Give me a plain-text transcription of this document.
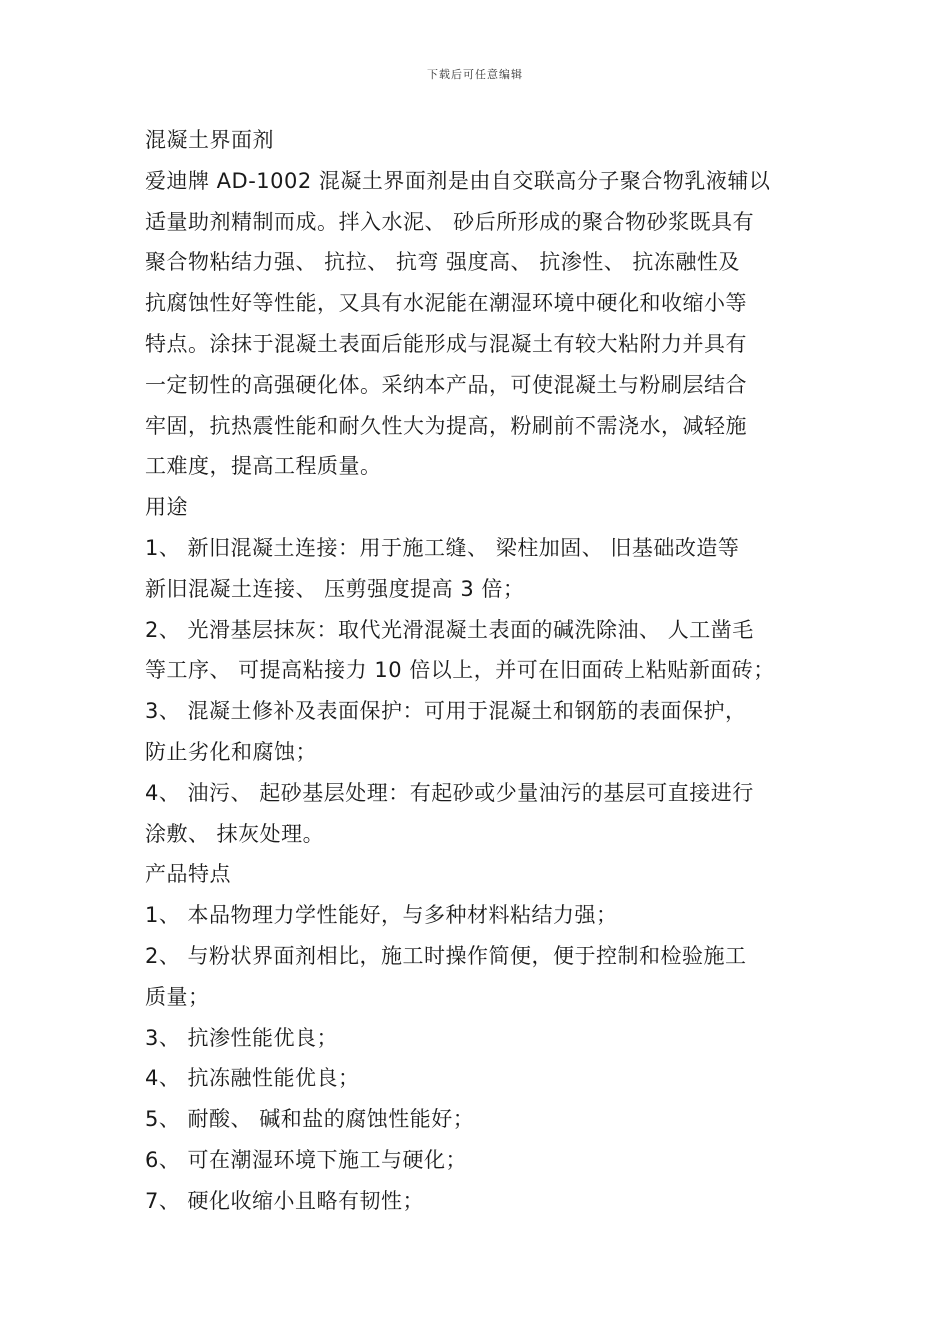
下载后可任意编辑
混凝土界面剂
爱迪牌 AD-1002 混凝土界面剂是由自交联高分子聚合物乳液辅以
适量助剂精制而成。拌入水泥、 砂后所形成的聚合物砂浆既具有
聚合物粘结力强、 抗拉、 抗弯 强度高、 抗渗性、 抗冻融性及
抗腐蚀性好等性能，又具有水泥能在潮湿环境中硬化和收缩小等
特点。涂抹于混凝土表面后能形成与混凝土有较大粘附力并具有
一定韧性的高强硬化体。采纳本产品，可使混凝土与粉刷层结合
牢固，抗热震性能和耐久性大为提高，粉刷前不需浇水，减轻施
工难度，提高工程质量。
用途
1、 新旧混凝土连接：用于施工缝、 梁柱加固、 旧基础改造等
新旧混凝土连接、 压剪强度提高 3 倍；
2、 光滑基层抹灰：取代光滑混凝土表面的碱洗除油、 人工凿毛
等工序、 可提高粘接力 10 倍以上，并可在旧面砖上粘贴新面砖；
3、 混凝土修补及表面保护：可用于混凝土和钢筋的表面保护，
防止劣化和腐蚀；
4、 油污、 起砂基层处理：有起砂或少量油污的基层可直接进行
涂敷、 抹灰处理。
产品特点
1、 本品物理力学性能好，与多种材料粘结力强；
2、 与粉状界面剂相比，施工时操作简便，便于控制和检验施工
质量；
3、 抗渗性能优良；
4、 抗冻融性能优良；
5、 耐酸、 碱和盐的腐蚀性能好；
6、 可在潮湿环境下施工与硬化；
7、 硬化收缩小且略有韧性；
